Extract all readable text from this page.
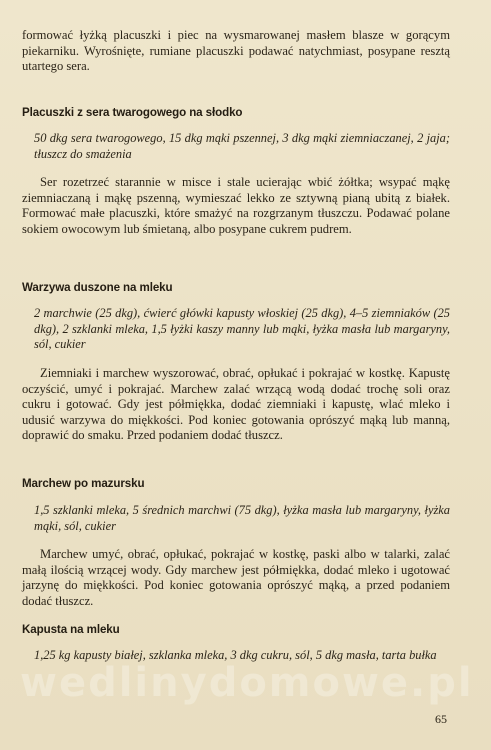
formować łyżką placuszki i piec na wysmarowanej masłem blasze w gorącym piekarniku. Wyrośnięte, rumiane placuszki podawać natychmiast, posypane resztą utartego sera.

Placuszki z sera twarogowego na słodko

50 dkg sera twarogowego, 15 dkg mąki pszennej, 3 dkg mąki ziemniaczanej, 2 jaja; tłuszcz do smażenia

Ser rozetrzeć starannie w misce i stale ucierając wbić żółtka; wsypać mąkę ziemniaczaną i mąkę pszenną, wymieszać lekko ze sztywną pianą ubitą z białek. Formować małe placuszki, które smażyć na rozgrzanym tłuszczu. Podawać polane sokiem owocowym lub śmietaną, albo posypane cukrem pudrem.

Warzywa duszone na mleku

2 marchwie (25 dkg), ćwierć główki kapusty włoskiej (25 dkg), 4–5 ziemniaków (25 dkg), 2 szklanki mleka, 1,5 łyżki kaszy manny lub mąki, łyżka masła lub margaryny, sól, cukier

Ziemniaki i marchew wyszorować, obrać, opłukać i pokrajać w kostkę. Kapustę oczyścić, umyć i pokrajać. Marchew zalać wrzącą wodą dodać trochę soli oraz cukru i gotować. Gdy jest półmiękka, dodać ziemniaki i kapustę, wlać mleko i udusić warzywa do miękkości. Pod koniec gotowania oprószyć mąką lub manną, doprawić do smaku. Przed podaniem dodać tłuszcz.

Marchew po mazursku

1,5 szklanki mleka, 5 średnich marchwi (75 dkg), łyżka masła lub margaryny, łyżka mąki, sól, cukier

Marchew umyć, obrać, opłukać, pokrajać w kostkę, paski albo w talarki, zalać małą ilością wrzącej wody. Gdy marchew jest półmiękka, dodać mleko i ugotować jarzynę do miękkości. Pod koniec gotowania oprószyć mąką, a przed podaniem dodać tłuszcz.

Kapusta na mleku

1,25 kg kapusty białej, szklanka mleka, 3 dkg cukru, sól, 5 dkg masła, tarta bułka

wedlinydomowe.pl
65
